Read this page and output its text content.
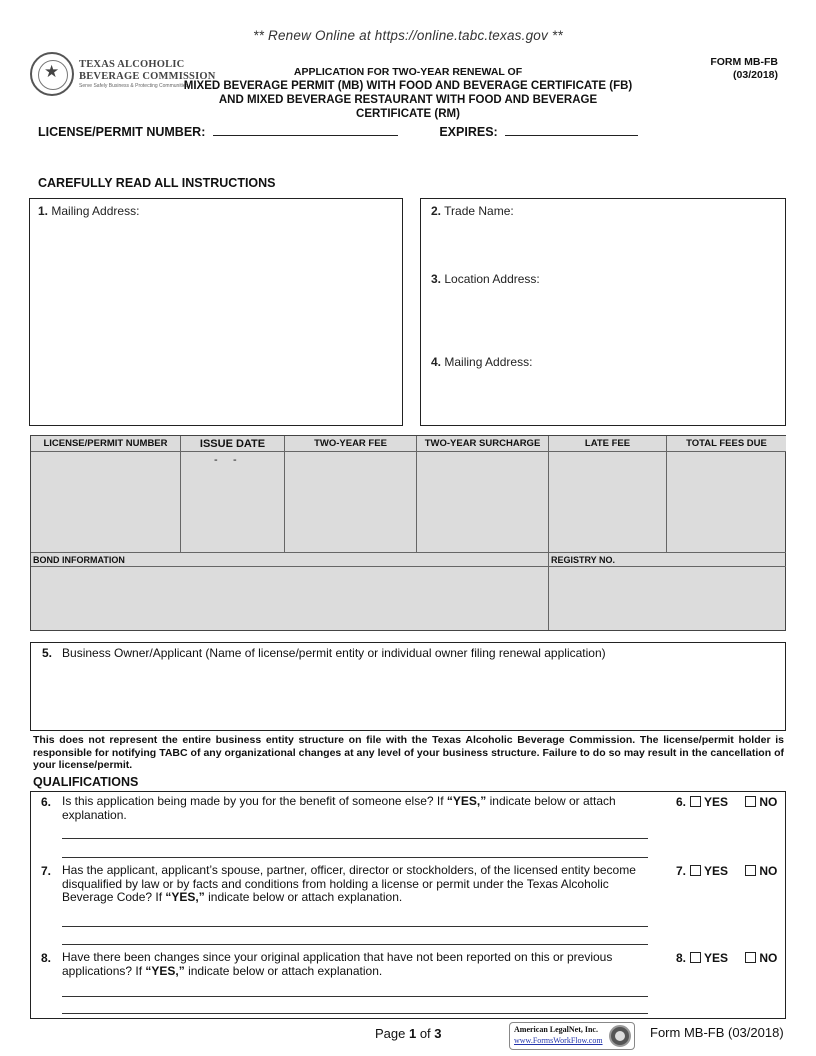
** Renew Online at https://online.tabc.texas.gov **
★ TEXAS ALCOHOLIC
BEVERAGE COMMISSION
Serve Safely Business & Protecting Communities
APPLICATION FOR TWO-YEAR RENEWAL OF
MIXED BEVERAGE PERMIT (MB) WITH FOOD AND BEVERAGE CERTIFICATE (FB)
AND MIXED BEVERAGE RESTAURANT WITH FOOD AND BEVERAGE CERTIFICATE (RM)
FORM MB-FB
(03/2018)
LICENSE/PERMIT NUMBER:	EXPIRES:
CAREFULLY READ ALL INSTRUCTIONS
1. Mailing Address:	2. Trade Name:
3. Location Address:
4. Mailing Address:
LICENSE/PERMIT NUMBER	ISSUE DATE	TWO-YEAR FEE	TWO-YEAR SURCHARGE	LATE FEE	TOTAL FEES DUE
-     -
BOND INFORMATION	REGISTRY NO.
5. Business Owner/Applicant (Name of license/permit entity or individual owner filing renewal application)
This does not represent the entire business entity structure on file with the Texas Alcoholic Beverage Commission. The license/permit holder is responsible for notifying TABC of any organizational changes at any level of your business structure. Failure to do so may result in the cancellation of your license/permit.
QUALIFICATIONS
6. Is this application being made by you for the benefit of someone else? If “YES,” indicate below or attach explanation.
6. YES	NO
7. Has the applicant, applicant’s spouse, partner, officer, director or stockholders, of the licensed entity become disqualified by law or by facts and conditions from holding a license or permit under the Texas Alcoholic Beverage Code? If “YES,” indicate below or attach explanation.
7. YES	NO
8. Have there been changes since your original application that have not been reported on this or previous applications? If “YES,” indicate below or attach explanation.
8. YES	NO
Page 1 of 3	American LegalNet, Inc.
www.FormsWorkFlow.com
Form MB-FB (03/2018)
